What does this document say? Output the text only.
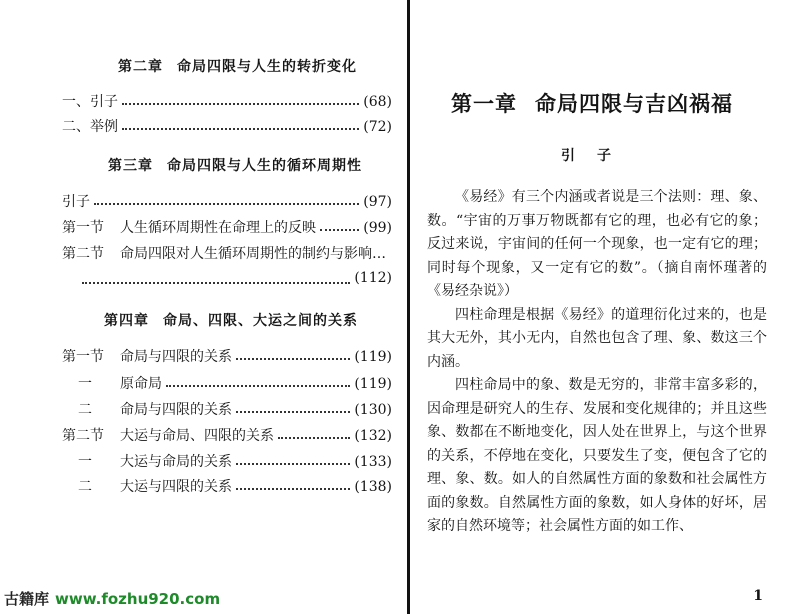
第二章 命局四限与人生的转折变化
一、引子	(68)
二、举例	(72)
第三章 命局四限与人生的循环周期性
引子	(97)
第一节	人生循环周期性在命理上的反映	(99)
第二节	命局四限对人生循环周期性的制约与影响…
(112)
第四章 命局、四限、大运之间的关系
第一节	命局与四限的关系	(119)
一	原命局	(119)
二	命局与四限的关系	(130)
第二节	大运与命局、四限的关系	(132)
一	大运与命局的关系	(133)
二	大运与四限的关系	(138)
古籍库 www.fozhu920.com
第一章 命局四限与吉凶祸福
引子

《易经》有三个内涵或者说是三个法则：理、象、数。“宇宙的万事万物既都有它的理，也必有它的象；反过来说，宇宙间的任何一个现象，也一定有它的理；同时每个现象，又一定有它的数”。（摘自南怀瑾著的《易经杂说》）

四柱命理是根据《易经》的道理衍化过来的，也是其大无外，其小无内，自然也包含了理、象、数这三个内涵。

四柱命局中的象、数是无穷的，非常丰富多彩的，因命理是研究人的生存、发展和变化规律的；并且这些象、数都在不断地变化，因人处在世界上，与这个世界的关系，不停地在变化，只要发生了变，便包含了它的理、象、数。如人的自然属性方面的象数和社会属性方面的象数。自然属性方面的象数，如人身体的好坏，居家的自然环境等；社会属性方面的如工作、

1
